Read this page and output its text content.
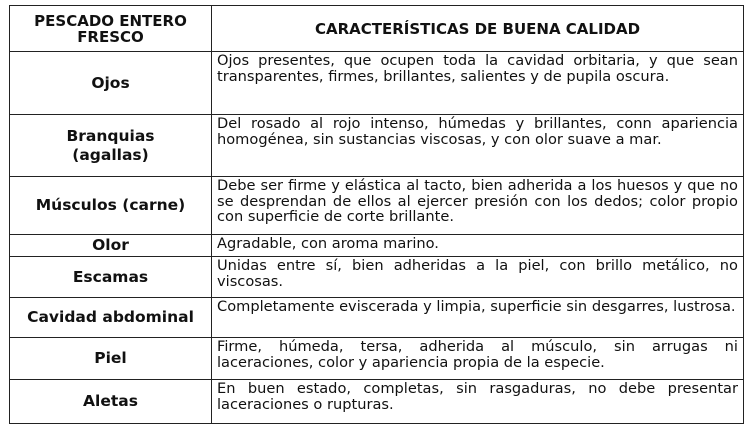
PESCADO ENTERO
FRESCO	CARACTERÍSTICAS DE BUENA CALIDAD
Ojos	Ojos presentes, que ocupen toda la cavidad orbitaria, y que sean transparentes, firmes, brillantes, salientes y de pupila oscura.

Branquias
(agallas)	Del rosado al rojo intenso, húmedas y brillantes, conn apariencia homogénea, sin sustancias viscosas, y con olor suave a mar.
Músculos (carne)	Debe ser firme y elástica al tacto, bien adherida a los huesos y que no se desprendan de ellos al ejercer presión con los dedos; color propio con superficie de corte brillante.
Olor	Agradable, con aroma marino.
Escamas	Unidas entre sí, bien adheridas a la piel, con brillo metálico, no viscosas.
Cavidad abdominal	Completamente eviscerada y limpia, superficie sin desgarres, lustrosa.
Piel	Firme, húmeda, tersa, adherida al músculo, sin arrugas ni laceraciones, color y apariencia propia de la especie.
Aletas	En buen estado, completas, sin rasgaduras, no debe presentar laceraciones o rupturas.
